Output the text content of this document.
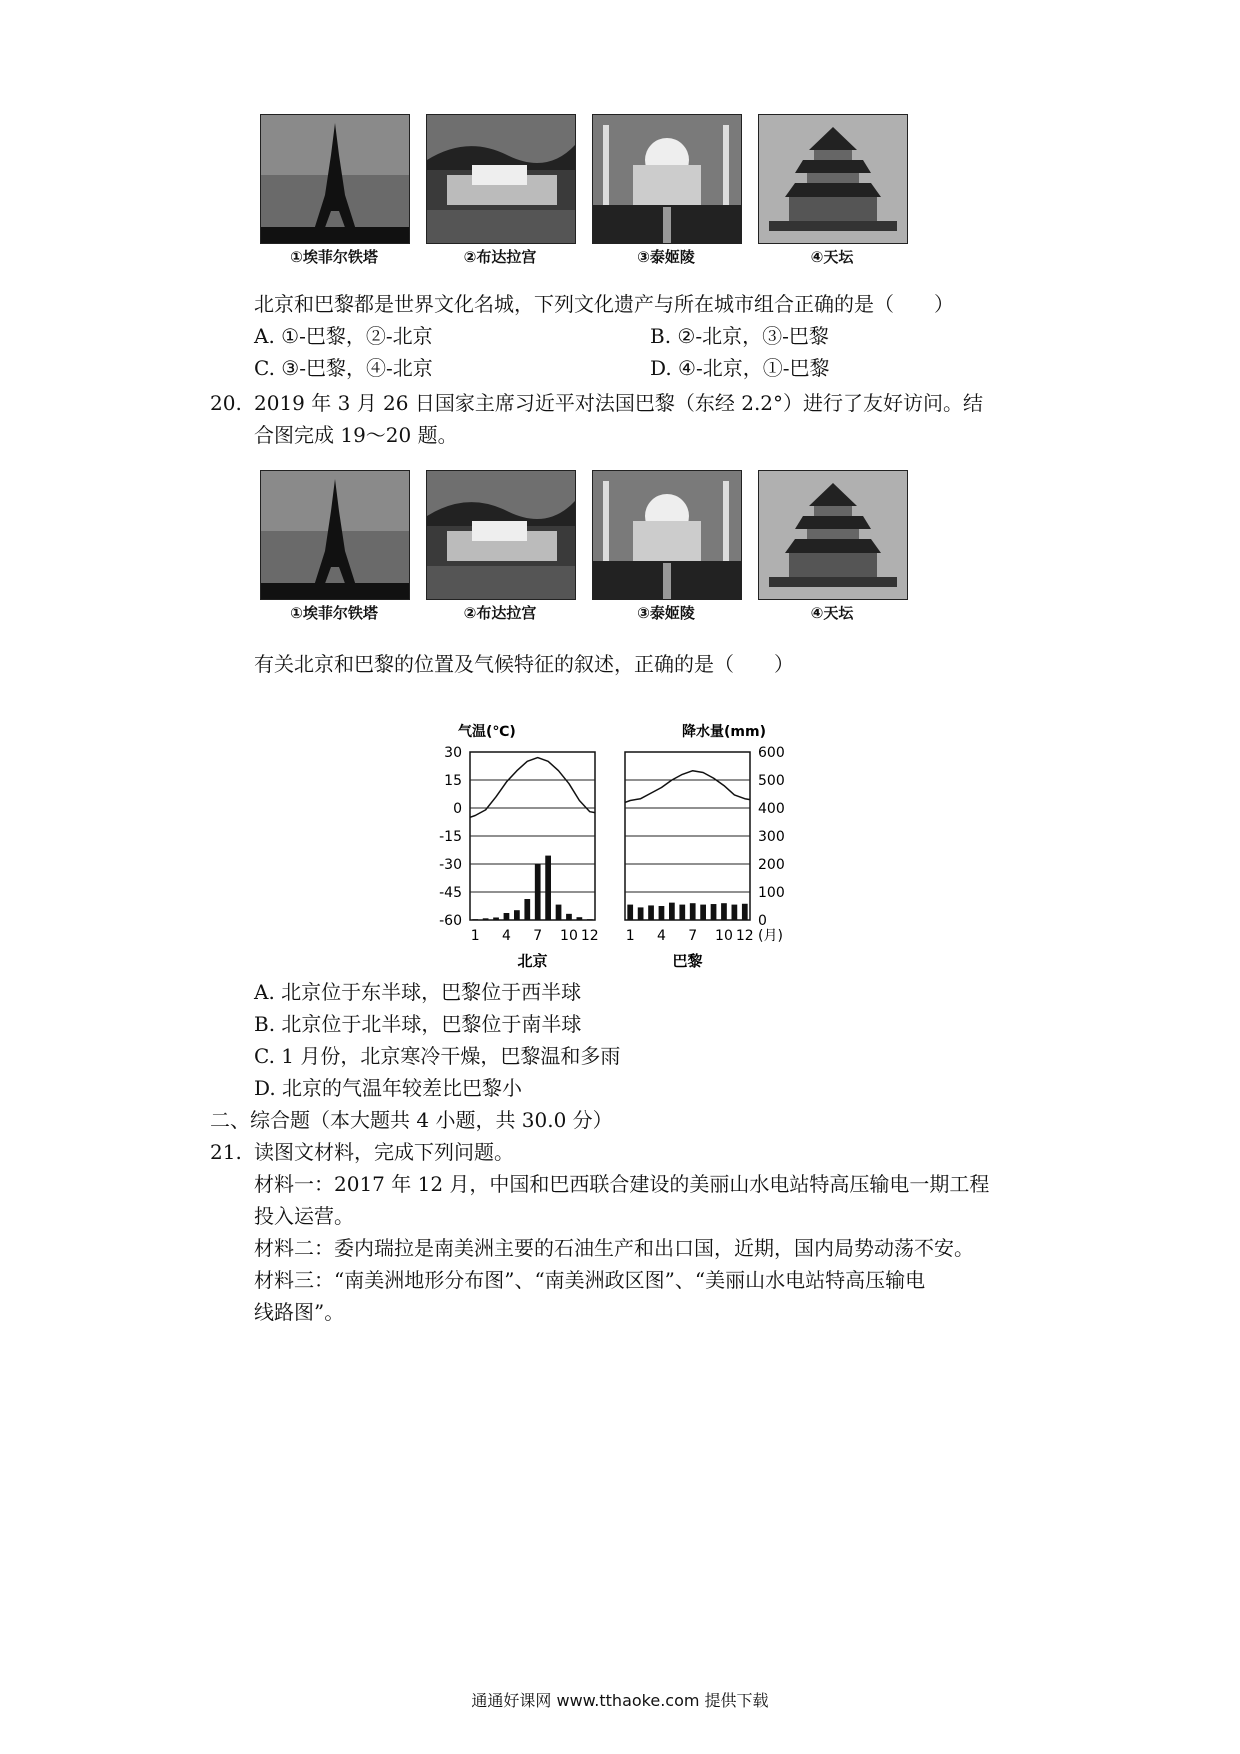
①埃菲尔铁塔	②布达拉宫	③泰姬陵	④天坛
北京和巴黎都是世界文化名城，下列文化遗产与所在城市组合正确的是（　　）
A. ①-巴黎，②-北京	B. ②-北京，③-巴黎
C. ③-巴黎，④-北京	D. ④-北京，①-巴黎
20. 2019 年 3 月 26 日国家主席习近平对法国巴黎（东经 2.2°）进行了友好访问。结
合图完成 19～20 题。
①埃菲尔铁塔	②布达拉宫	③泰姬陵	④天坛
有关北京和巴黎的位置及气候特征的叙述，正确的是（　　）
气温(℃)	降水量(mm)
30
15
0
-15
-30
-45
-60
600
500
400
300
200
100
0
1 4 7 10 12
北京
1 4 7 10 12
巴黎
(月)
A. 北京位于东半球，巴黎位于西半球
B. 北京位于北半球，巴黎位于南半球
C. 1 月份，北京寒冷干燥，巴黎温和多雨
D. 北京的气温年较差比巴黎小
二、综合题（本大题共 4 小题，共 30.0 分）
21. 读图文材料，完成下列问题。
材料一：2017 年 12 月，中国和巴西联合建设的美丽山水电站特高压输电一期工程
投入运营。
材料二：委内瑞拉是南美洲主要的石油生产和出口国，近期，国内局势动荡不安。
材料三：“南美洲地形分布图”、“南美洲政区图”、“美丽山水电站特高压输电
线路图”。
通通好课网 www.tthaoke.com 提供下载
